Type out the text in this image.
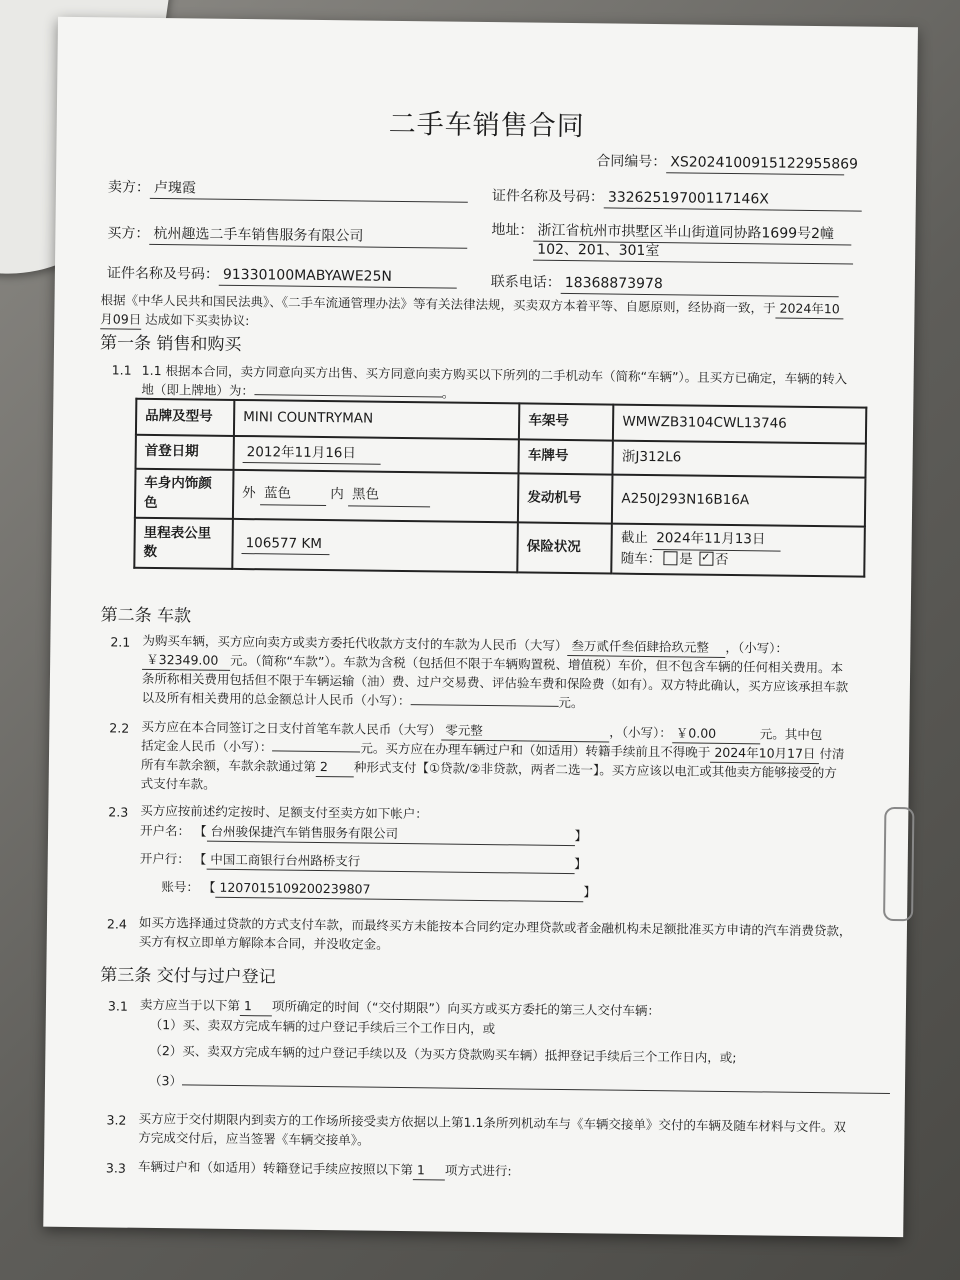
二手车销售合同
合同编号： XS2024100915122955869
卖方： 卢瑰霞	证件名称及号码： 33262519700117146X
买方： 杭州趣选二手车销售服务有限公司	地址： 浙江省杭州市拱墅区半山街道同协路1699号2幢
102、201、301室
证件名称及号码： 91330100MABYAWE25N	联系电话： 18368873978
根据《中华人民共和国民法典》、《二手车流通管理办法》等有关法律法规，买卖双方本着平等、自愿原则，经协商一致，于 2024年10
月09日 达成如下买卖协议:
第一条 销售和购买
1.1 1.1 根据本合同，卖方同意向买方出售、买方同意向卖方购买以下所列的二手机动车（简称“车辆”）。且买方已确定，车辆的转入
地（即上牌地）为：	。
品牌及型号	MINI COUNTRYMAN	车架号	WMWZB3104CWL13746
首登日期	2012年11月16日	车牌号	浙J312L6
车身内饰颜色	外 蓝色 内 黑色	发动机号	A250J293N16B16A
里程表公里数	106577 KM	保险状况	截止 2024年11月13日
随车： 是 ✓ 否
第二条 车款
2.1 为购买车辆，买方应向卖方或卖方委托代收款方支付的车款为人民币（大写） 叁万贰仟叁佰肆拾玖元整 ，（小写）：
￥32349.00 元。（简称“车款”）。车款为含税（包括但不限于车辆购置税、增值税）车价，但不包含车辆的任何相关费用。本
条所称相关费用包括但不限于车辆运输（油）费、过户交易费、评估验车费和保险费（如有）。双方特此确认，买方应该承担车款
以及所有相关费用的总金额总计人民币（小写）：	元。
2.2 买方应在本合同签订之日支付首笔车款人民币（大写） 零元整	，（小写）： ￥0.00	元。其中包
括定金人民币（小写）：	元。买方应在办理车辆过户和（如适用）转籍手续前且不得晚于 2024年10月17日 付清
所有车款余额，车款余款通过第 2 种形式支付【①贷款/②非贷款，两者二选一】。买方应该以电汇或其他卖方能够接受的方
式支付车款。
2.3 买方应按前述约定按时、足额支付至卖方如下帐户：
开户名： 【 台州骏保捷汽车销售服务有限公司	】
开户行： 【 中国工商银行台州路桥支行	】
账号： 【 1207015109200239807	】
2.4 如买方选择通过贷款的方式支付车款，而最终买方未能按本合同约定办理贷款或者金融机构未足额批准买方申请的汽车消费贷款，
买方有权立即单方解除本合同，并没收定金。
第三条 交付与过户登记
3.1 卖方应当于以下第 1 项所确定的时间（“交付期限”）向买方或买方委托的第三人交付车辆：
（1）买、卖双方完成车辆的过户登记手续后三个工作日内，或
（2）买、卖双方完成车辆的过户登记手续以及（为买方贷款购买车辆）抵押登记手续后三个工作日内，或;
（3）
3.2 买方应于交付期限内到卖方的工作场所接受卖方依据以上第1.1条所列机动车与《车辆交接单》交付的车辆及随车材料与文件。双
方完成交付后，应当签署《车辆交接单》。
3.3 车辆过户和（如适用）转籍登记手续应按照以下第 1 项方式进行:
